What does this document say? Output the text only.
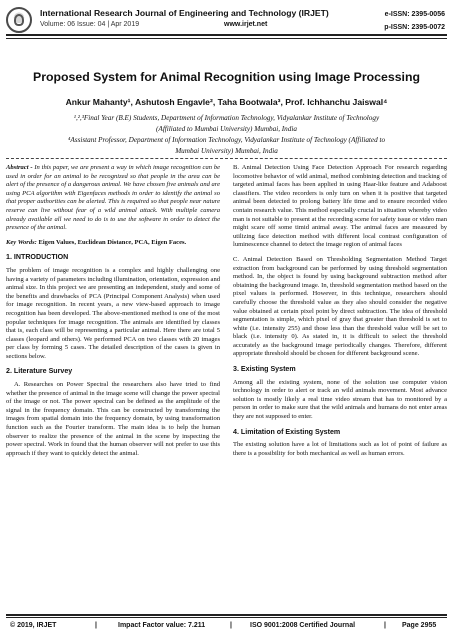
International Research Journal of Engineering and Technology (IRJET)
Volume: 06 Issue: 04 | Apr 2019	www.irjet.net
e-ISSN: 2395-0056
p-ISSN: 2395-0072
Proposed System for Animal Recognition using Image Processing
Ankur Mahanty¹, Ashutosh Engavle², Taha Bootwala³, Prof. Ichhanchu Jaiswal⁴
¹,²,³Final Year (B.E) Students, Department of Information Technology, Vidyalankar Institute of Technology
(Affiliated to Mumbai University) Mumbai, India
⁴Assistant Professor, Department of Information Technology, Vidyalankar Institute of Technology (Affiliated to
Mumbai University) Mumbai, India

Abstract - In this paper, we are present a way in which image recognition can be used in order for an animal to be recognized so that people in the area can be alert of the presence of a dangerous animal. We have chosen five animals and are using PCA algorithm with Eigenfaces methods in order to identify the animal so that proper authorities can be alerted. This is required so that people near nature reserve can live without fear of a wild animal attack. With multiple camera already available all we need to do is to use the software in order to detect the presence of the animal.

Key Words: Eigen Values, Euclidean Distance, PCA, Eigen Faces.

1. INTRODUCTION

The problem of image recognition is a complex and highly challenging one having a variety of parameters including illumination, orientation, expression and animal size. In this project we are presenting an independent, study and some of the benefits and drawbacks of PCA (Principal Component Analysis) when used for image recognition. In recent years, a new view-based approach to image recognition has been developed. The above-mentioned method is one of the most popular techniques for image recognition. The animals are identified by classes that is, each class will be representing a particular animal. Here there are total 5 classes (leopard and others). We performed PCA on two classes with 20 images per class by forming 5 cases. The detailed description of the cases is given in sections below.

2. Literature Survey

A. Researches on Power Spectral the researchers also have tried to find whether the presence of animal in the image scene will change the power spectral of the image or not. The power spectral can be defined as the amplitude of the signal in the frequency domain. This can be constructed by transforming the images from spatial domain into the frequency domain, by using transformation function such as the Fourier transform. The main idea is to help the human observer to realize the presence of the animal in the scene by inspecting the power spectral. Work in found that the human observer will not prefer to use this approach if they want to quickly detect the animal.

B. Animal Detection Using Face Detection Approach For research regarding locomotive behavior of wild animal, method combining detection and tracking of targeted animal faces has been applied in using Haar-like feature and Adaboost classifiers. The video recorders is only turn on when it is positive that targeted animal been detected to prolong battery life time and to ensure recorded video contain research value. This method especially crucial in situation whereby video man is not suitable to present at the recording scene for safety issue or video man might scare off some timid animal away. The animal faces are measured by utilizing face detection method with different local contrast configuration of luminescence channel to detect the image region of animal faces

C. Animal Detection Based on Thresholding Segmentation Method Target extraction from background can be performed by using threshold segmentation method. In, the object is found by using background subtraction method after obtaining the background image. In, threshold segmentation method based on the pixel values is performed. However, in this technique, researchers should carefully choose the threshold value as they also should consider the negative value obtained at certain pixel point by direct subtraction. The idea of threshold segmentation is simple, which pixel of gray that greater than threshold is set to white (i.e. intensity 255) and those less than the threshold value will be set to black (i.e. intensity 0). As stated in, it is difficult to select the threshold accurately as the background image periodically changes. Therefore, different appropriate threshold should be chosen for different background scene.

3. Existing System

Among all the existing system, none of the solution use computer vision technology in order to alert or track an wild animals movement. Most advance solution is mostly likely a real time video stream that has to monitored by a person in order to make sure that the wild animals and humans do not enter areas they are not supposed to enter.

4. Limitation of Existing System

The existing solution have a lot of limitations such as lot of point of failure as there is a possibility for both mechanical as well as human errors.

© 2019, IRJET	|	Impact Factor value: 7.211	|	ISO 9001:2008 Certified Journal	| Page 2955
